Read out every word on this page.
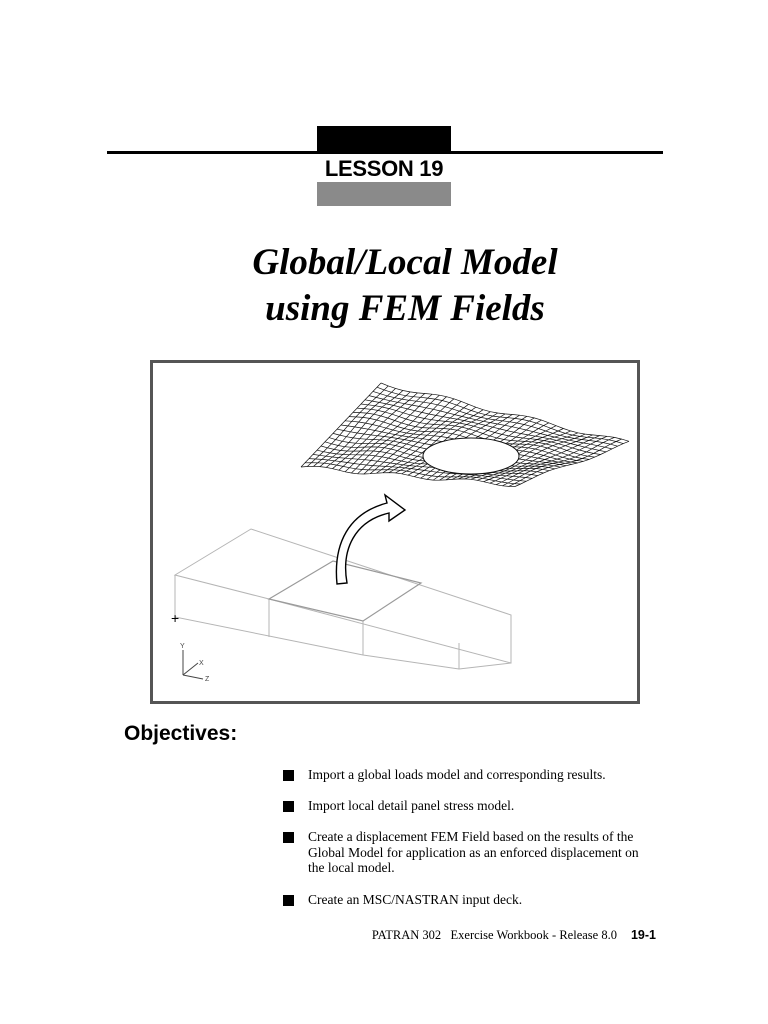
LESSON 19
Global/Local Model
using FEM Fields
Y
X
Z
+
Objectives:
Import a global loads model and corresponding results.
Import local detail panel stress model.
Create a displacement FEM Field based on the results of the Global Model for application as an enforced displacement on the local model.
Create an MSC/NASTRAN input deck.
PATRAN 302   Exercise Workbook - Release 8.0 19-1
